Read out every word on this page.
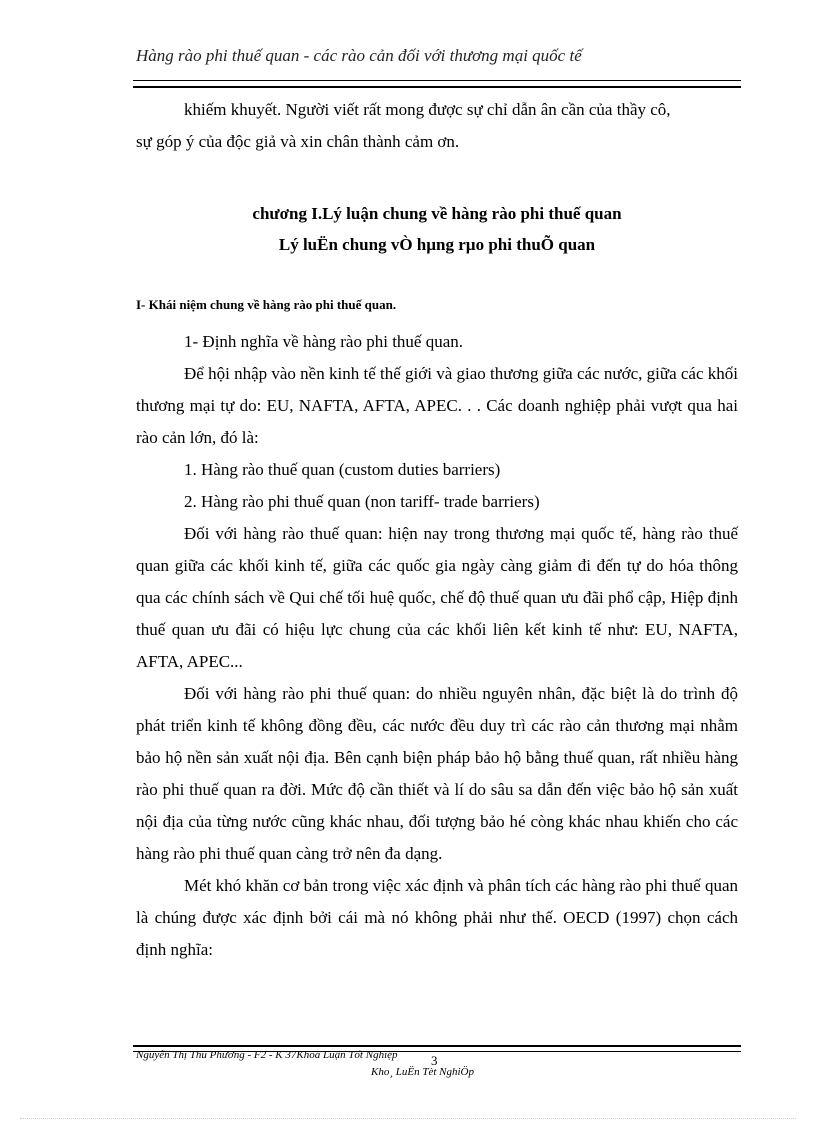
Hàng rào phi thuế quan - các rào cản đối với thương mại quốc tế

khiếm khuyết. Người viết rất mong được sự chỉ dẫn ân cần của thầy cô,

sự góp ý của độc giả và xin chân thành cảm ơn.

chương I.Lý luận chung về hàng rào phi thuế quan
Lý luËn chung vÒ hµng rµo phi thuÕ quan
I- Khái niệm chung về hàng rào phi thuế quan.

1- Định nghĩa về hàng rào phi thuế quan.

Để hội nhập vào nền kinh tế thế giới và giao thương giữa các nước, giữa các khối thương mại tự do: EU, NAFTA, AFTA, APEC. . . Các doanh nghiệp phải vượt qua hai rào cản lớn, đó là:

1. Hàng rào thuế quan (custom duties barriers)

2. Hàng rào phi thuế quan (non tariff- trade barriers)

Đối với hàng rào thuế quan: hiện nay trong thương mại quốc tế, hàng rào thuế quan giữa các khối kinh tế, giữa các quốc gia ngày càng giảm đi đến tự do hóa thông qua các chính sách về Qui chế tối huệ quốc, chế độ thuế quan ưu đãi phổ cập, Hiệp định thuế quan ưu đãi có hiệu lực chung của các khối liên kết kinh tế như: EU, NAFTA, AFTA, APEC...

Đối với hàng rào phi thuế quan: do nhiều nguyên nhân, đặc biệt là do trình độ phát triển kinh tế không đồng đều, các nước đều duy trì các rào cản thương mại nhằm bảo hộ nền sản xuất nội địa. Bên cạnh biện pháp bảo hộ bằng thuế quan, rất nhiều hàng rào phi thuế quan ra đời. Mức độ cần thiết và lí do sâu sa dẫn đến việc bảo hộ sản xuất nội địa của từng nước cũng khác nhau, đối tượng bảo hé còng khác nhau khiến cho các hàng rào phi thuế quan càng trở nên đa dạng.

Mét khó khăn cơ bản trong việc xác định và phân tích các hàng rào phi thuế quan là chúng được xác định bởi cái mà nó không phải như thế. OECD (1997) chọn cách định nghĩa:

Nguyễn Thị Thu Phương - F2 - K 37Khoá Luận Tốt Nghiệp	3
Kho¸ LuËn Tèt NghiÖp
